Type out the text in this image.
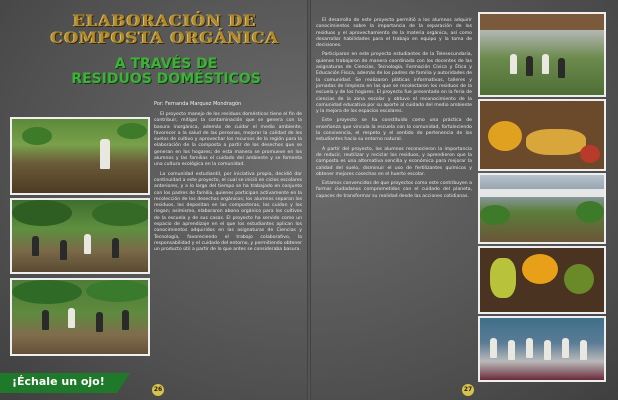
ELABORACIÓN DE
COMPOSTA ORGÁNICA
A TRAVÉS DE
RESIDUOS DOMÉSTICOS
Por: Fernanda Marquez Mondragón

El proyecto manejo de los residuos domésticos tiene el fin de contribuir, mitigar la contaminación que se genera con la basura inorgánica, además de cuidar el medio ambiente, favorecer a la salud de las personas, mejorar la calidad de los suelos de cultivo y aprovechar los recursos de la región para la elaboración de la composta a partir de los desechos que se generan en los hogares; de esta manera se promueve en los alumnos y las familias el cuidado del ambiente y se fomenta una cultura ecológica en la comunidad.

La comunidad estudiantil, por iniciativa propia, decidió dar continuidad a este proyecto, el cual se inició en ciclos escolares anteriores, y a lo largo del tiempo se ha trabajado en conjunto con los padres de familia, quienes participan activamente en la recolección de los desechos orgánicos; los alumnos separan los residuos, los depositan en las composteras, los cuidan y los riegan; asimismo, elaboraron abono orgánico para los cultivos de la escuela y de sus casas. El proyecto ha servido como un espacio de aprendizaje en el que los estudiantes aplican los conocimientos adquiridos en las asignaturas de Ciencias y Tecnología, favoreciendo el trabajo colaborativo, la responsabilidad y el cuidado del entorno, y permitiendo obtener un producto útil a partir de lo que antes se consideraba basura.

El desarrollo de este proyecto permitió a los alumnos adquirir conocimientos sobre la importancia de la separación de los residuos y el aprovechamiento de la materia orgánica, así como desarrollar habilidades para el trabajo en equipo y la toma de decisiones.

Participaron en este proyecto estudiantes de la Telesecundaria, quienes trabajaron de manera coordinada con los docentes de las asignaturas de Ciencias, Tecnología, Formación Cívica y Ética y Educación Física, además de los padres de familia y autoridades de la comunidad. Se realizaron pláticas informativas, talleres y jornadas de limpieza en las que se recolectaron los residuos de la escuela y de los hogares. El proyecto fue presentado en la feria de ciencias de la zona escolar y obtuvo el reconocimiento de la comunidad educativa por su aporte al cuidado del medio ambiente y la mejora de los espacios escolares.

Este proyecto se ha constituido como una práctica de enseñanza que vincula la escuela con la comunidad, fortaleciendo la convivencia, el respeto y el sentido de pertenencia de los estudiantes hacia su entorno natural.

A partir del proyecto, los alumnos reconocieron la importancia de reducir, reutilizar y reciclar los residuos, y aprendieron que la composta es una alternativa sencilla y económica para mejorar la calidad del suelo, disminuir el uso de fertilizantes químicos y obtener mejores cosechas en el huerto escolar.

Estamos convencidos de que proyectos como este contribuyen a formar ciudadanos comprometidos con el cuidado del planeta, capaces de transformar su realidad desde las acciones cotidianas.

¡Échale un ojo!
26	27
